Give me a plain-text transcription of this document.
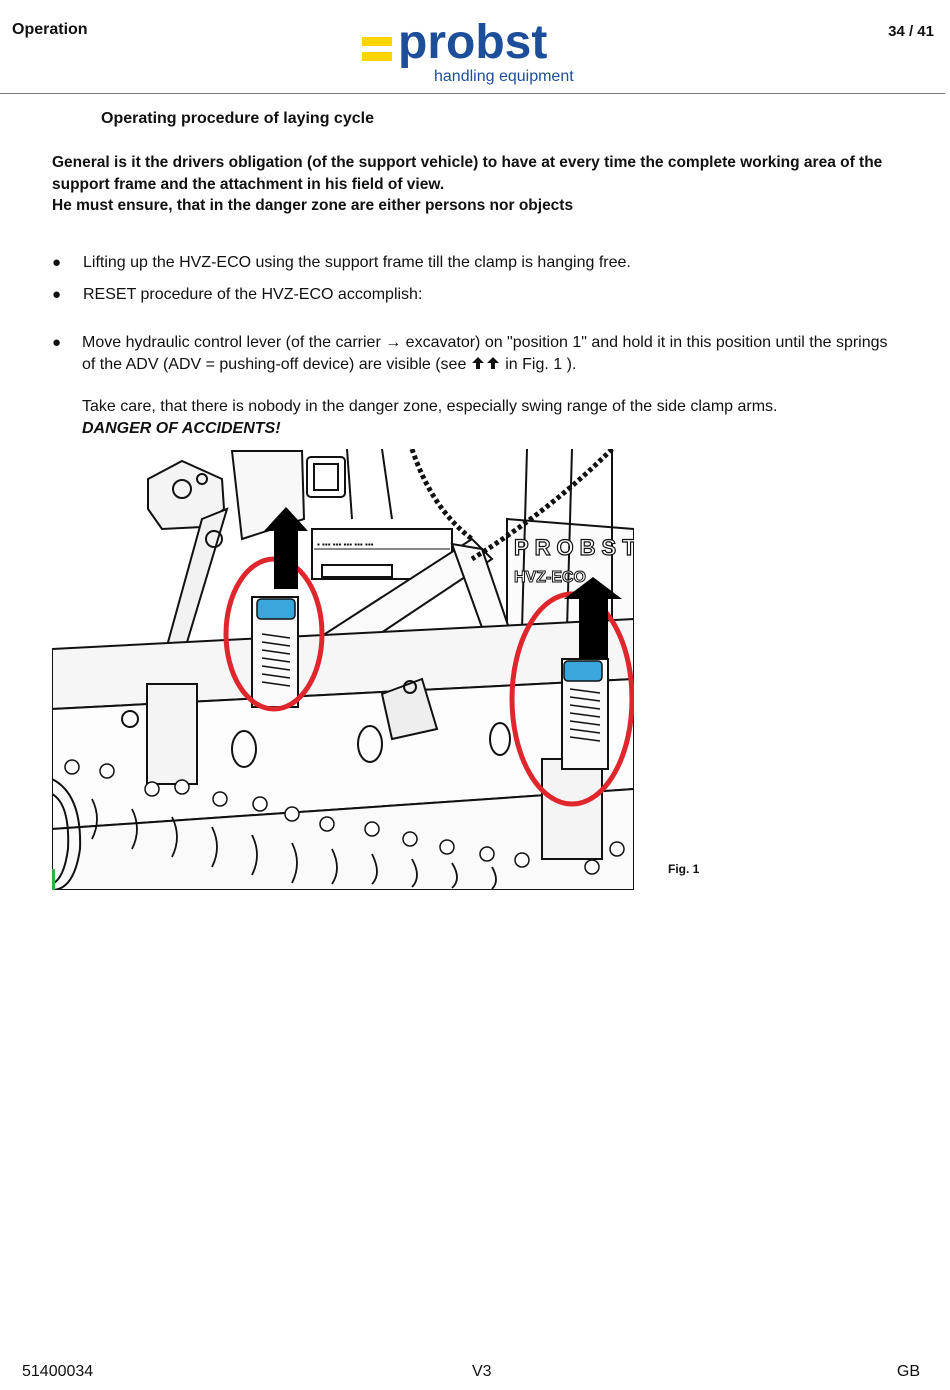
Operation	34 / 41
probst
handling equipment
Operating procedure of laying cycle
General is it the drivers obligation (of the support vehicle) to have at every time the complete working area of the support frame and the attachment in his field of view.
He must ensure, that in the danger zone are either persons nor objects
● Lifting up the HVZ-ECO using the support frame till the clamp is hanging free.
● RESET procedure of the HVZ-ECO accomplish:
● Move hydraulic control lever (of the carrier → excavator) on "position 1" and hold it in this position until the springs of the ADV (ADV = pushing-off device) are visible (see in Fig. 1 ).
Take care, that there is nobody in the danger zone, especially swing range of the side clamp arms.
DANGER OF ACCIDENTS!
▪ ▪▪▪ ▪▪▪ ▪▪▪ ▪▪▪ ▪▪▪	PROBST
HVZ-ECO
Fig. 1
51400034	V3	GB
